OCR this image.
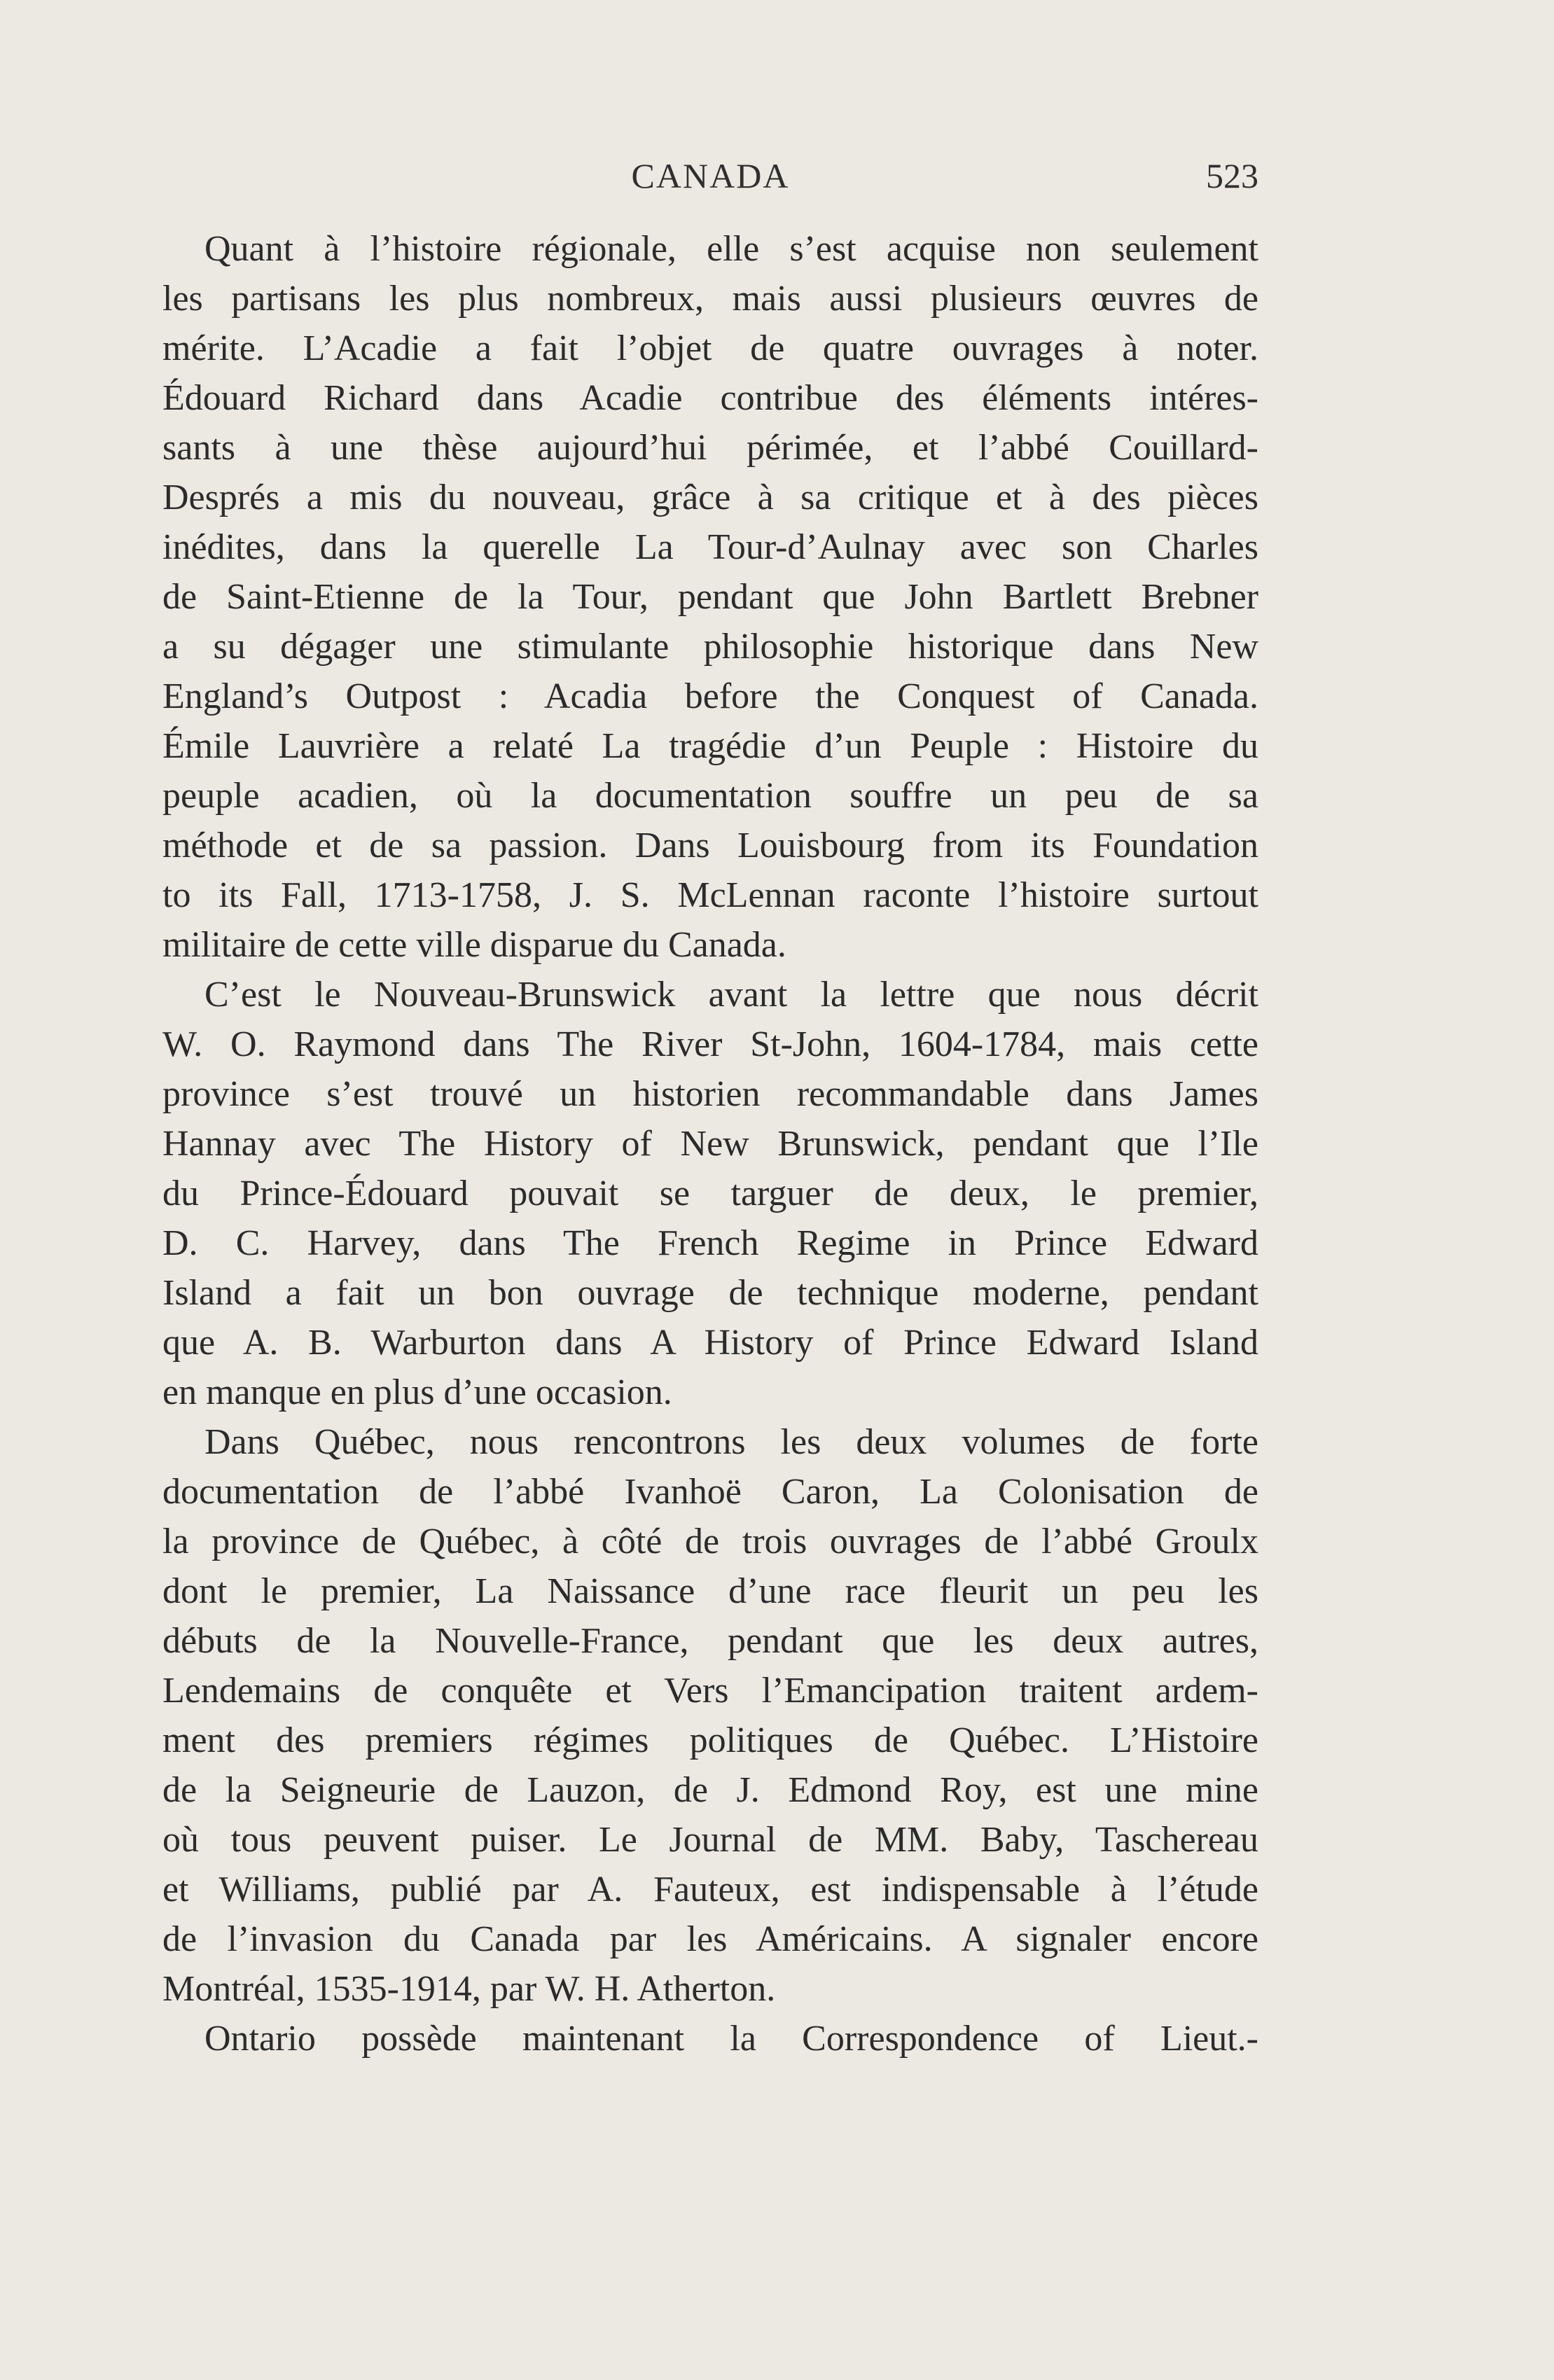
CANADA	523
Quant à l’histoire régionale, elle s’est acquise non seulement
les partisans les plus nombreux, mais aussi plusieurs œuvres de
mérite. L’Acadie a fait l’objet de quatre ouvrages à noter.
Édouard Richard dans Acadie contribue des éléments intéres-
sants à une thèse aujourd’hui périmée, et l’abbé Couillard-
Després a mis du nouveau, grâce à sa critique et à des pièces
inédites, dans la querelle La Tour-d’Aulnay avec son Charles
de Saint-Etienne de la Tour, pendant que John Bartlett Brebner
a su dégager une stimulante philosophie historique dans New
England’s Outpost : Acadia before the Conquest of Canada.
Émile Lauvrière a relaté La tragédie d’un Peuple : Histoire du
peuple acadien, où la documentation souffre un peu de sa
méthode et de sa passion. Dans Louisbourg from its Foundation
to its Fall, 1713-1758, J. S. McLennan raconte l’histoire surtout
militaire de cette ville disparue du Canada.
C’est le Nouveau-Brunswick avant la lettre que nous décrit
W. O. Raymond dans The River St-John, 1604-1784, mais cette
province s’est trouvé un historien recommandable dans James
Hannay avec The History of New Brunswick, pendant que l’Ile
du Prince-Édouard pouvait se targuer de deux, le premier,
D. C. Harvey, dans The French Regime in Prince Edward
Island a fait un bon ouvrage de technique moderne, pendant
que A. B. Warburton dans A History of Prince Edward Island
en manque en plus d’une occasion.
Dans Québec, nous rencontrons les deux volumes de forte
documentation de l’abbé Ivanhoë Caron, La Colonisation de
la province de Québec, à côté de trois ouvrages de l’abbé Groulx
dont le premier, La Naissance d’une race fleurit un peu les
débuts de la Nouvelle-France, pendant que les deux autres,
Lendemains de conquête et Vers l’Emancipation traitent ardem-
ment des premiers régimes politiques de Québec. L’Histoire
de la Seigneurie de Lauzon, de J. Edmond Roy, est une mine
où tous peuvent puiser. Le Journal de MM. Baby, Taschereau
et Williams, publié par A. Fauteux, est indispensable à l’étude
de l’invasion du Canada par les Américains. A signaler encore
Montréal, 1535-1914, par W. H. Atherton.
Ontario possède maintenant la Correspondence of Lieut.-
